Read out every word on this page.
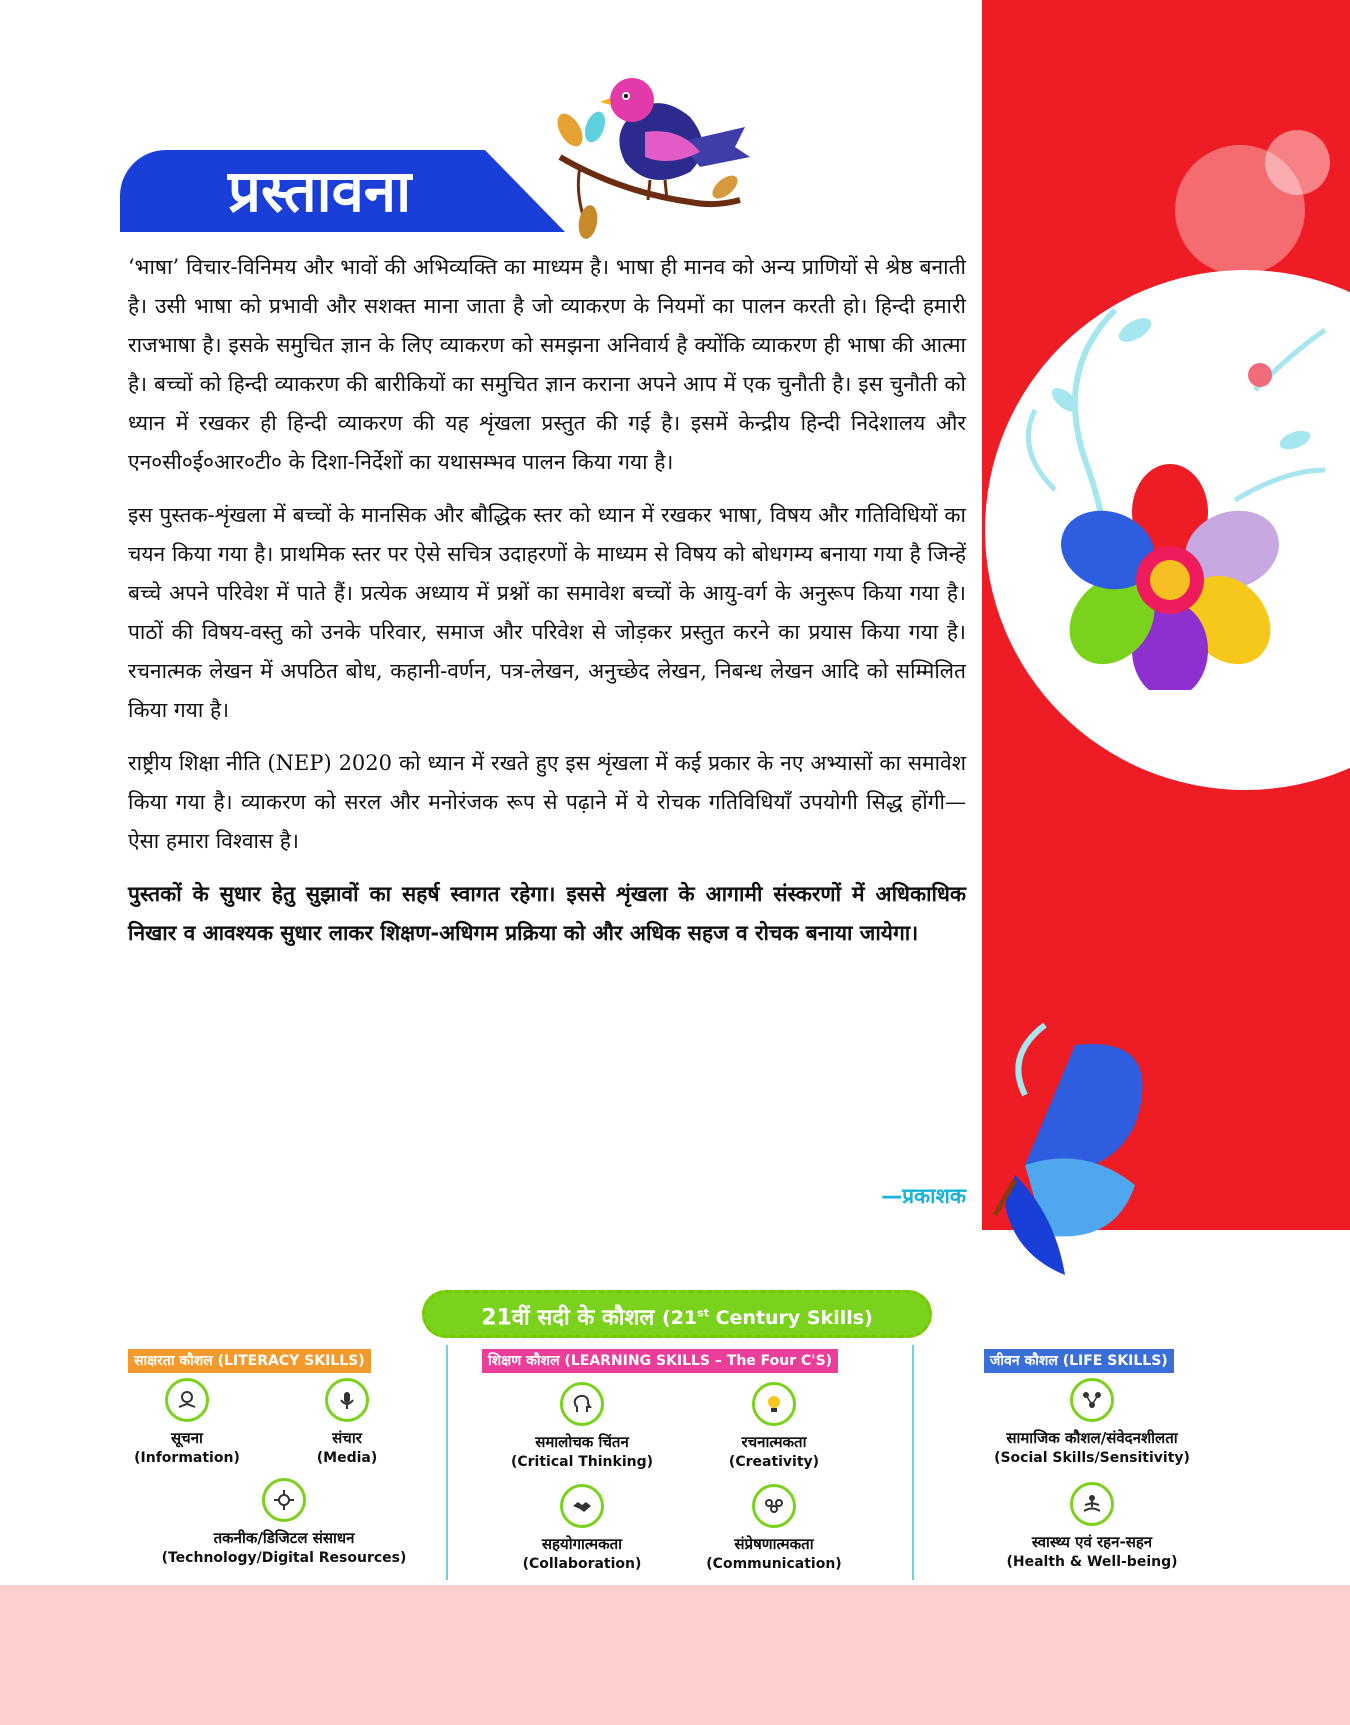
प्रस्तावना

‘भाषा’ विचार-विनिमय और भावों की अभिव्यक्ति का माध्यम है। भाषा ही मानव को अन्य प्राणियों से श्रेष्ठ बनाती है। उसी भाषा को प्रभावी और सशक्त माना जाता है जो व्याकरण के नियमों का पालन करती हो। हिन्दी हमारी राजभाषा है। इसके समुचित ज्ञान के लिए व्याकरण को समझना अनिवार्य है क्योंकि व्याकरण ही भाषा की आत्मा है। बच्चों को हिन्दी व्याकरण की बारीकियों का समुचित ज्ञान कराना अपने आप में एक चुनौती है। इस चुनौती को ध्यान में रखकर ही हिन्दी व्याकरण की यह शृंखला प्रस्तुत की गई है। इसमें केन्द्रीय हिन्दी निदेशालय और एन०सी०ई०आर०टी० के दिशा-निर्देशों का यथासम्भव पालन किया गया है।

इस पुस्तक-शृंखला में बच्चों के मानसिक और बौद्धिक स्तर को ध्यान में रखकर भाषा, विषय और गतिविधियों का चयन किया गया है। प्राथमिक स्तर पर ऐसे सचित्र उदाहरणों के माध्यम से विषय को बोधगम्य बनाया गया है जिन्हें बच्चे अपने परिवेश में पाते हैं। प्रत्येक अध्याय में प्रश्नों का समावेश बच्चों के आयु-वर्ग के अनुरूप किया गया है। पाठों की विषय-वस्तु को उनके परिवार, समाज और परिवेश से जोड़कर प्रस्तुत करने का प्रयास किया गया है। रचनात्मक लेखन में अपठित बोध, कहानी-वर्णन, पत्र-लेखन, अनुच्छेद लेखन, निबन्ध लेखन आदि को सम्मिलित किया गया है।

राष्ट्रीय शिक्षा नीति (NEP) 2020 को ध्यान में रखते हुए इस शृंखला में कई प्रकार के नए अभ्यासों का समावेश किया गया है। व्याकरण को सरल और मनोरंजक रूप से पढ़ाने में ये रोचक गतिविधियाँ उपयोगी सिद्ध होंगी—ऐसा हमारा विश्वास है।

पुस्तकों के सुधार हेतु सुझावों का सहर्ष स्वागत रहेगा। इससे शृंखला के आगामी संस्करणों में अधिकाधिक निखार व आवश्यक सुधार लाकर शिक्षण-अधिगम प्रक्रिया को और अधिक सहज व रोचक बनाया जायेगा।

—प्रकाशक
21वीं सदी के कौशल (21st Century Skills)
साक्षरता कौशल (LITERACY SKILLS)	शिक्षण कौशल (LEARNING SKILLS – The Four C'S)	जीवन कौशल (LIFE SKILLS)
सूचना
(Information)
संचार
(Media)
तकनीक/डिजिटल संसाधन
(Technology/Digital Resources)
समालोचक चिंतन
(Critical Thinking)
रचनात्मकता
(Creativity)
सहयोगात्मकता
(Collaboration)
संप्रेषणात्मकता
(Communication)
सामाजिक कौशल/संवेदनशीलता
(Social Skills/Sensitivity)
स्वास्थ्य एवं रहन-सहन
(Health & Well-being)
